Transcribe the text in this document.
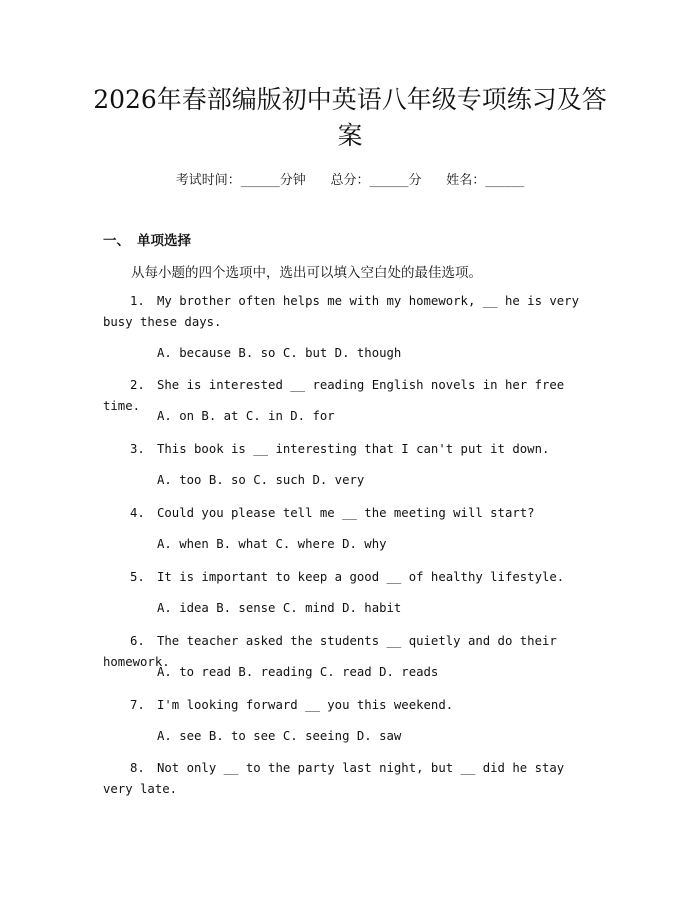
2026年春部编版初中英语八年级专项练习及答案
考试时间：______分钟      总分：______分      姓名：______
一、 单项选择
从每小题的四个选项中，选出可以填入空白处的最佳选项。
1. My brother often helps me with my homework, __ he is very busy these days.
A. because B. so C. but D. though
2. She is interested __ reading English novels in her free time.
A. on B. at C. in D. for
3. This book is __ interesting that I can't put it down.
A. too B. so C. such D. very
4. Could you please tell me __ the meeting will start?
A. when B. what C. where D. why
5. It is important to keep a good __ of healthy lifestyle.
A. idea B. sense C. mind D. habit
6. The teacher asked the students __ quietly and do their homework.
A. to read B. reading C. read D. reads
7. I'm looking forward __ you this weekend.
A. see B. to see C. seeing D. saw
8. Not only __ to the party last night, but __ did he stay very late.
